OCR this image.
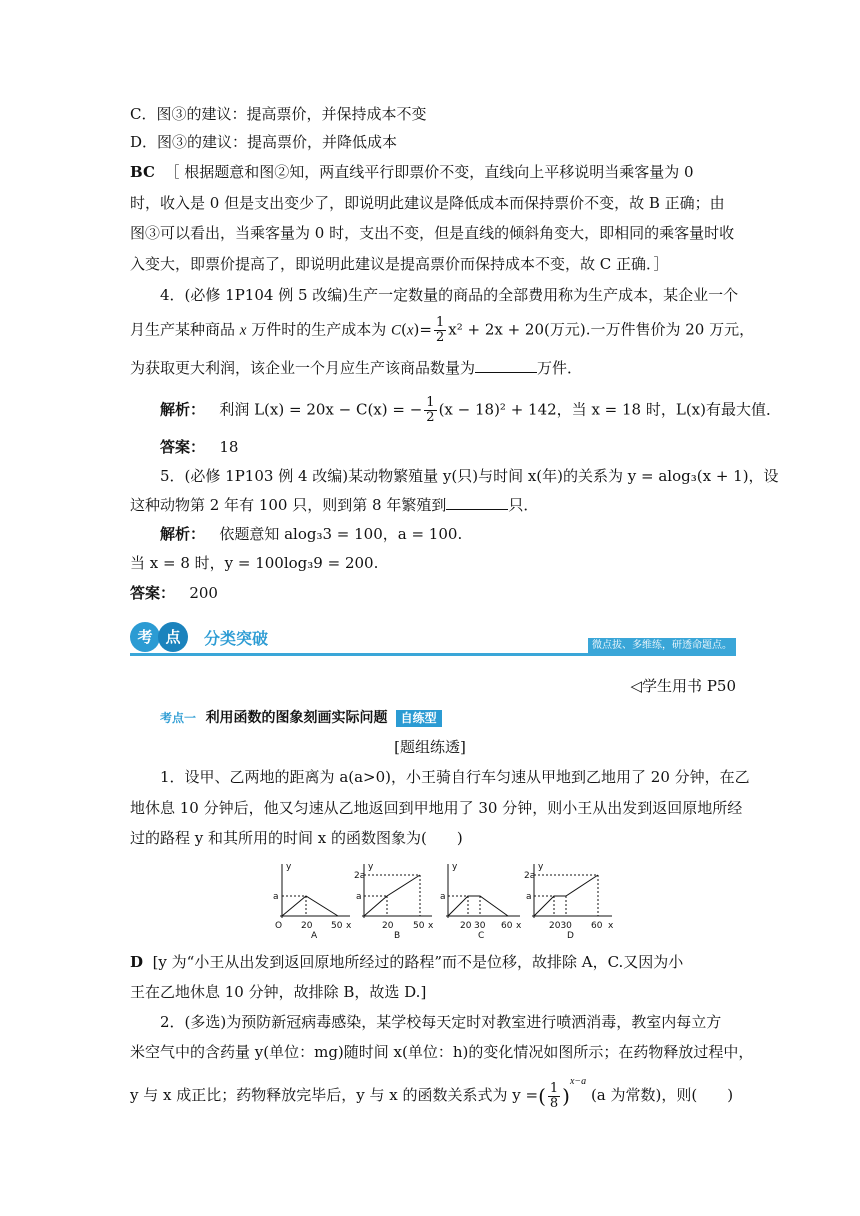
C．图③的建议：提高票价，并保持成本不变
D．图③的建议：提高票价，并降低成本
BC ［ 根据题意和图②知，两直线平行即票价不变，直线向上平移说明当乘客量为 0
时，收入是 0 但是支出变少了，即说明此建议是降低成本而保持票价不变，故 B 正确；由
图③可以看出，当乘客量为 0 时，支出不变，但是直线的倾斜角变大，即相同的乘客量时收
入变大，即票价提高了，即说明此建议是提高票价而保持成本不变，故 C 正确．］
4．(必修 1P104 例 5 改编)生产一定数量的商品的全部费用称为生产成本，某企业一个
月生产某种商品 x 万件时的生产成本为 $C(x)= \frac{1}{2} x^2 + 2x + 20$(万元).一万件售价为 20 万元，
为获取更大利润，该企业一个月应生产该商品数量为	万件．
解析： 利润 L(x) = 20x − C(x) = − $\frac{1}{2} (x - 18)^2 + 142$，当 x = 18 时，L(x)有最大值．
答案： 18
5．(必修 1P103 例 4 改编)某动物繁殖量 y(只)与时间 x(年)的关系为 y = alog₃(x + 1)，设
这种动物第 2 年有 100 只，则到第 8 年繁殖到	只．
解析： 依题意知 alog₃3 = 100，a = 100.
当 x = 8 时，y = 100log₃9 = 200.
答案： 200
考 点	分类突破	微点拔、多维练，研透命题点。
◁学生用书 P50
考点一 利用函数的图象刻画实际问题 自练型
[题组练透]
1．设甲、乙两地的距离为 a(a>0)，小王骑自行车匀速从甲地到乙地用了 20 分钟，在乙
地休息 10 分钟后，他又匀速从乙地返回到甲地用了 30 分钟，则小王从出发到返回原地所经
过的路程 y 和其所用的时间 x 的函数图象为(　　)
y
x
O
a
20 50
A
y
x
2a
a
20 50
B
y
x
a
20 30 60
C
y
x
2a
a
2030 60
D
D [y 为“小王从出发到返回原地所经过的路程”而不是位移，故排除 A，C.又因为小
王在乙地休息 10 分钟，故排除 B，故选 D.]
2．(多选)为预防新冠病毒感染，某学校每天定时对教室进行喷洒消毒，教室内每立方
米空气中的含药量 y(单位：mg)随时间 x(单位：h)的变化情况如图所示；在药物释放过程中，
y 与 x 成正比；药物释放完毕后，y 与 x 的函数关系式为 y =( $\frac{1}{8} )^{x-a}$ (a 为常数)，则(　　)
